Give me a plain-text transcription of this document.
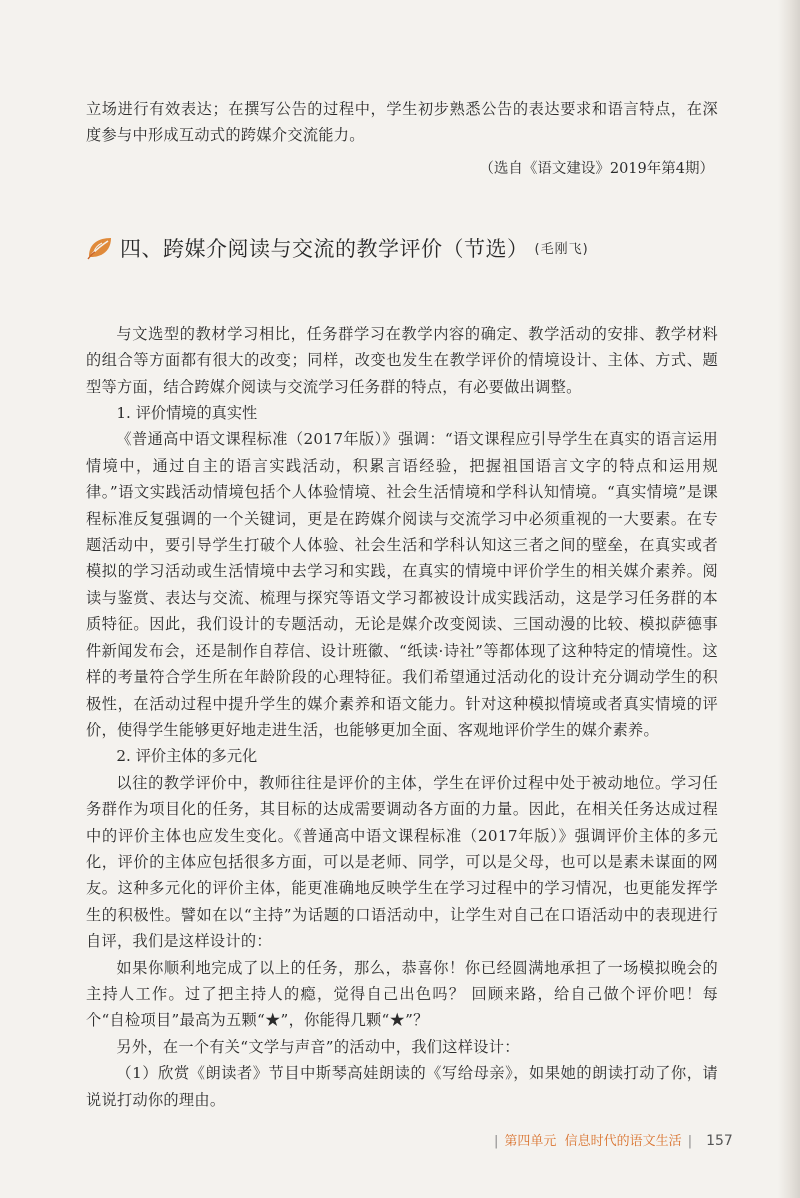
立场进行有效表达；在撰写公告的过程中，学生初步熟悉公告的表达要求和语言特点，在深度参与中形成互动式的跨媒介交流能力。

（选自《语文建设》2019年第4期）

四、跨媒介阅读与交流的教学评价（节选） (毛刚飞)

与文选型的教材学习相比，任务群学习在教学内容的确定、教学活动的安排、教学材料的组合等方面都有很大的改变；同样，改变也发生在教学评价的情境设计、主体、方式、题型等方面，结合跨媒介阅读与交流学习任务群的特点，有必要做出调整。

1. 评价情境的真实性

《普通高中语文课程标准（2017年版）》强调：“语文课程应引导学生在真实的语言运用情境中，通过自主的语言实践活动，积累言语经验，把握祖国语言文字的特点和运用规律。”语文实践活动情境包括个人体验情境、社会生活情境和学科认知情境。“真实情境”是课程标准反复强调的一个关键词，更是在跨媒介阅读与交流学习中必须重视的一大要素。在专题活动中，要引导学生打破个人体验、社会生活和学科认知这三者之间的壁垒，在真实或者模拟的学习活动或生活情境中去学习和实践，在真实的情境中评价学生的相关媒介素养。阅读与鉴赏、表达与交流、梳理与探究等语文学习都被设计成实践活动，这是学习任务群的本质特征。因此，我们设计的专题活动，无论是媒介改变阅读、三国动漫的比较、模拟萨德事件新闻发布会，还是制作自荐信、设计班徽、“纸读·诗社”等都体现了这种特定的情境性。这样的考量符合学生所在年龄阶段的心理特征。我们希望通过活动化的设计充分调动学生的积极性，在活动过程中提升学生的媒介素养和语文能力。针对这种模拟情境或者真实情境的评价，使得学生能够更好地走进生活，也能够更加全面、客观地评价学生的媒介素养。

2. 评价主体的多元化

以往的教学评价中，教师往往是评价的主体，学生在评价过程中处于被动地位。学习任务群作为项目化的任务，其目标的达成需要调动各方面的力量。因此，在相关任务达成过程中的评价主体也应发生变化。《普通高中语文课程标准（2017年版）》强调评价主体的多元化，评价的主体应包括很多方面，可以是老师、同学，可以是父母，也可以是素未谋面的网友。这种多元化的评价主体，能更准确地反映学生在学习过程中的学习情况，也更能发挥学生的积极性。譬如在以“主持”为话题的口语活动中，让学生对自己在口语活动中的表现进行自评，我们是这样设计的：

如果你顺利地完成了以上的任务，那么，恭喜你！你已经圆满地承担了一场模拟晚会的主持人工作。过了把主持人的瘾，觉得自己出色吗？ 回顾来路，给自己做个评价吧！每个“自检项目”最高为五颗“★”，你能得几颗“★”？

另外，在一个有关“文学与声音”的活动中，我们这样设计：

（1）欣赏《朗读者》节目中斯琴高娃朗读的《写给母亲》，如果她的朗读打动了你，请说说打动你的理由。

| 第四单元 信息时代的语文生活 | 157
